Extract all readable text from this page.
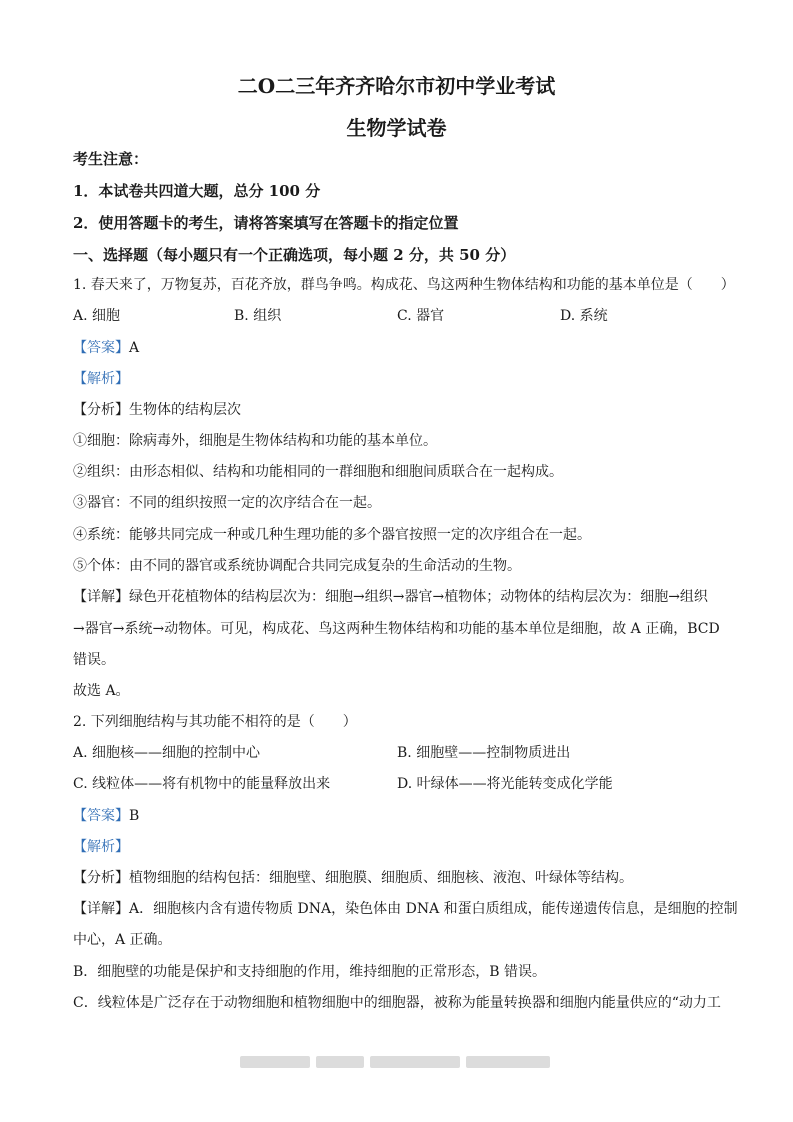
二O二三年齐齐哈尔市初中学业考试
生物学试卷
考生注意：
1．本试卷共四道大题，总分 100 分
2．使用答题卡的考生，请将答案填写在答题卡的指定位置
一、选择题（每小题只有一个正确选项，每小题 2 分，共 50 分）
1. 春天来了，万物复苏，百花齐放，群鸟争鸣。构成花、鸟这两种生物体结构和功能的基本单位是（　　）
A. 细胞	B. 组织	C. 器官	D. 系统
【答案】A
【解析】
【分析】生物体的结构层次
①细胞：除病毒外，细胞是生物体结构和功能的基本单位。
②组织：由形态相似、结构和功能相同的一群细胞和细胞间质联合在一起构成。
③器官：不同的组织按照一定的次序结合在一起。
④系统：能够共同完成一种或几种生理功能的多个器官按照一定的次序组合在一起。
⑤个体：由不同的器官或系统协调配合共同完成复杂的生命活动的生物。
【详解】绿色开花植物体的结构层次为：细胞→组织→器官→植物体；动物体的结构层次为：细胞→组织
→器官→系统→动物体。可见，构成花、鸟这两种生物体结构和功能的基本单位是细胞，故 A 正确，BCD
错误。
故选 A。
2. 下列细胞结构与其功能不相符的是（　　）
A. 细胞核——细胞的控制中心	B. 细胞壁——控制物质进出
C. 线粒体——将有机物中的能量释放出来	D. 叶绿体——将光能转变成化学能
【答案】B
【解析】
【分析】植物细胞的结构包括：细胞壁、细胞膜、细胞质、细胞核、液泡、叶绿体等结构。
【详解】A．细胞核内含有遗传物质 DNA，染色体由 DNA 和蛋白质组成，能传递遗传信息，是细胞的控制
中心，A 正确。
B．细胞壁的功能是保护和支持细胞的作用，维持细胞的正常形态，B 错误。
C．线粒体是广泛存在于动物细胞和植物细胞中的细胞器，被称为能量转换器和细胞内能量供应的“动力工
